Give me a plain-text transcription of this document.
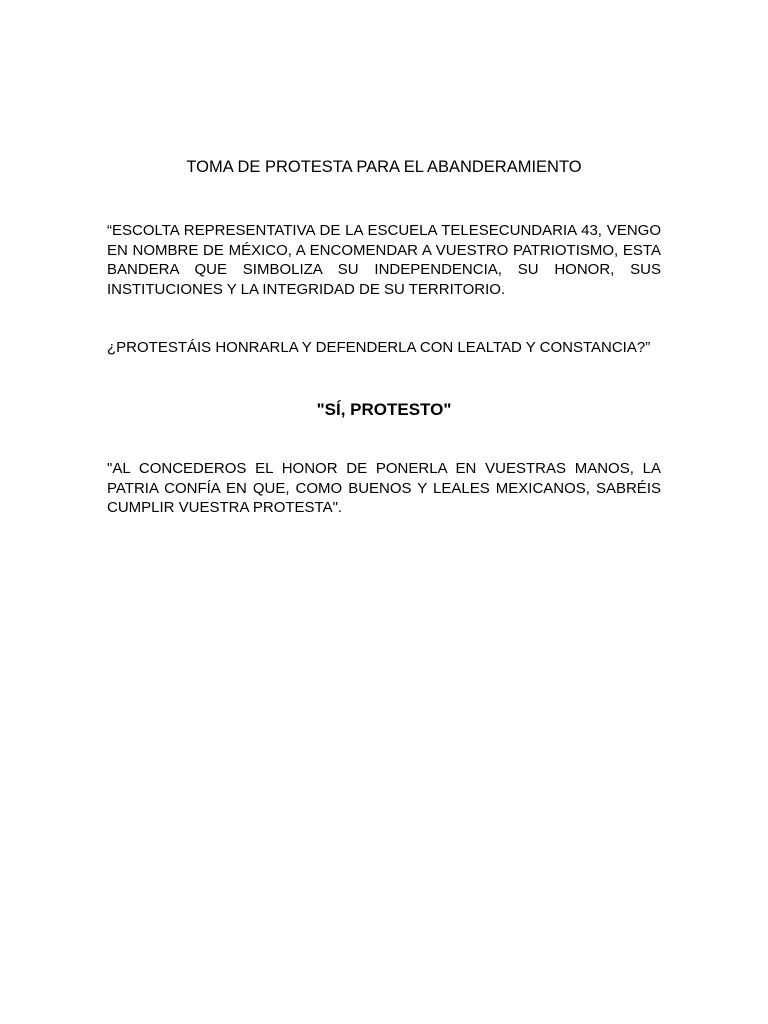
TOMA DE PROTESTA PARA EL ABANDERAMIENTO
“ESCOLTA REPRESENTATIVA DE LA ESCUELA TELESECUNDARIA 43, VENGO EN NOMBRE DE MÉXICO, A ENCOMENDAR A VUESTRO PATRIOTISMO, ESTA BANDERA QUE SIMBOLIZA SU INDEPENDENCIA, SU HONOR, SUS INSTITUCIONES Y LA INTEGRIDAD DE SU TERRITORIO.
¿PROTESTÁIS HONRARLA Y DEFENDERLA CON LEALTAD Y CONSTANCIA?”
"SÍ, PROTESTO"
"AL CONCEDEROS EL HONOR DE PONERLA EN VUESTRAS MANOS, LA PATRIA CONFÍA EN QUE, COMO BUENOS Y LEALES MEXICANOS, SABRÉIS CUMPLIR VUESTRA PROTESTA".
